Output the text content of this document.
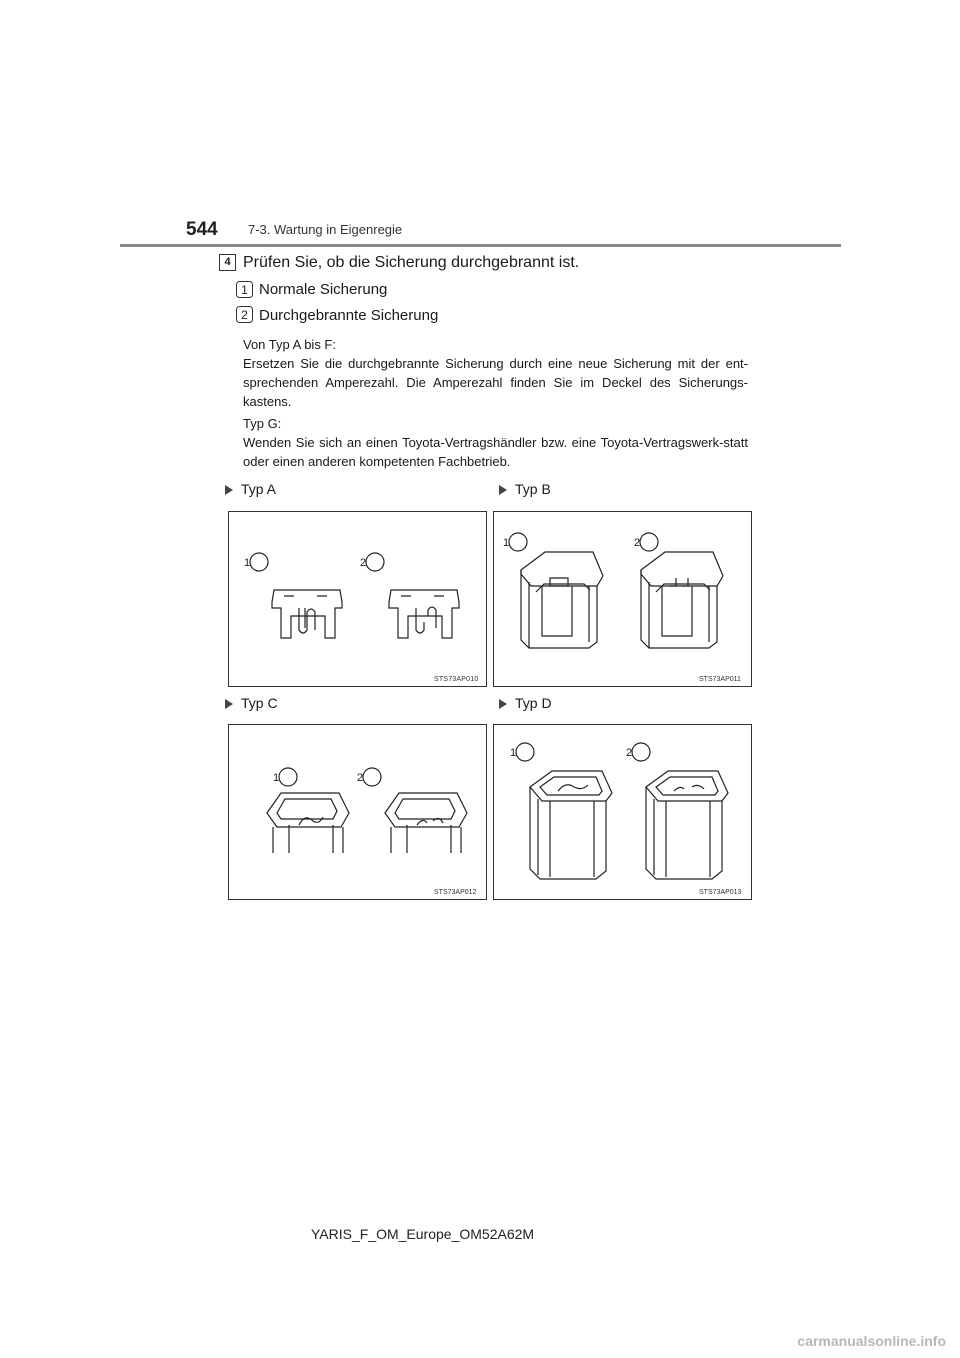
544 7-3. Wartung in Eigenregie
4 Prüfen Sie, ob die Sicherung durchgebrannt ist.
1 Normale Sicherung
2 Durchgebrannte Sicherung
Von Typ A bis F:
Ersetzen Sie die durchgebrannte Sicherung durch eine neue Sicherung mit der ent-sprechenden Amperezahl. Die Amperezahl finden Sie im Deckel des Sicherungs-kastens.
Typ G:
Wenden Sie sich an einen Toyota-Vertragshändler bzw. eine Toyota-Vertragswerk-statt oder einen anderen kompetenten Fachbetrieb.
Typ A	Typ B
Typ C	Typ D
1	2
STS73AP010
1	2
STS73AP011
1	2
STS73AP012
1	2
STS73AP013
YARIS_F_OM_Europe_OM52A62M
carmanualsonline.info
